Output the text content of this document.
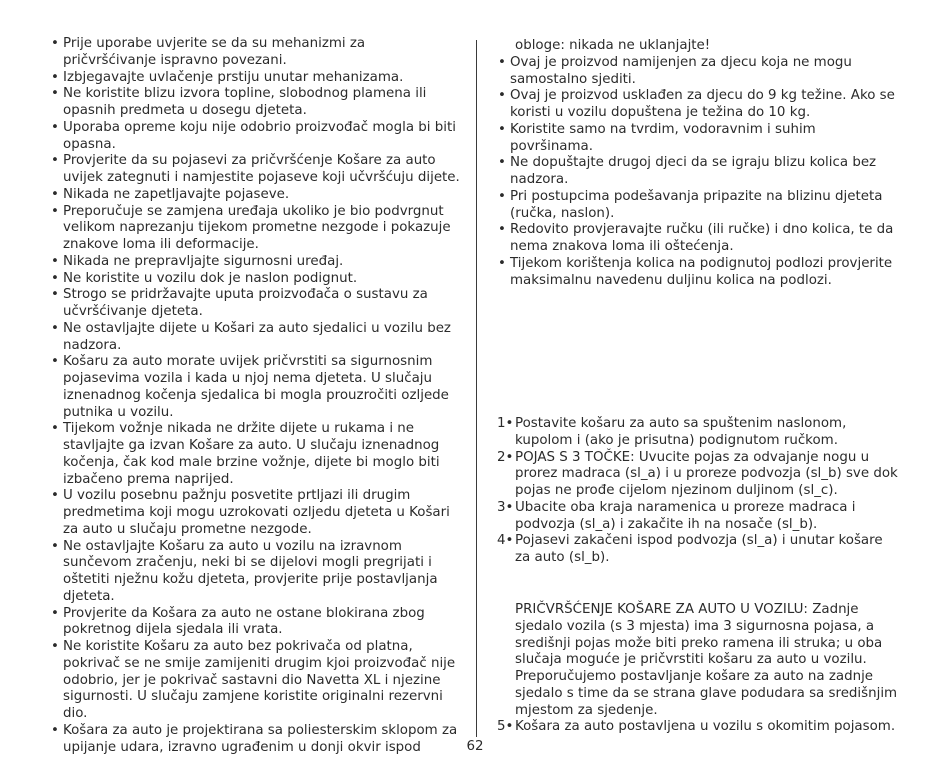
• Prije uporabe uvjerite se da su mehanizmi za pričvršćivanje ispravno povezani.
• Izbjegavajte uvlačenje prstiju unutar mehanizama.
• Ne koristite blizu izvora topline, slobodnog plamena ili opasnih predmeta u dosegu djeteta.
• Uporaba opreme koju nije odobrio proizvođač mogla bi biti opasna.
• Provjerite da su pojasevi za pričvršćenje Košare za auto uvijek zategnuti i namjestite pojaseve koji učvršćuju dijete.
• Nikada ne zapetljavajte pojaseve.
• Preporučuje se zamjena uređaja ukoliko je bio podvrgnut velikom naprezanju tijekom prometne nezgode i pokazuje znakove loma ili deformacije.
• Nikada ne prepravljajte sigurnosni uređaj.
• Ne koristite u vozilu dok je naslon podignut.
• Strogo se pridržavajte uputa proizvođača o sustavu za učvršćivanje djeteta.
• Ne ostavljajte dijete u Košari za auto sjedalici u vozilu bez nadzora.
• Košaru za auto morate uvijek pričvrstiti sa sigurnosnim pojasevima vozila i kada u njoj nema djeteta. U slučaju iznenadnog kočenja sjedalica bi mogla prouzročiti ozljede putnika u vozilu.
• Tijekom vožnje nikada ne držite dijete u rukama i ne stavljajte ga izvan Košare za auto. U slučaju iznenadnog kočenja, čak kod male brzine vožnje, dijete bi moglo biti izbačeno prema naprijed.
• U vozilu posebnu pažnju posvetite prtljazi ili drugim predmetima koji mogu uzrokovati ozljedu djeteta u Košari za auto u slučaju prometne nezgode.
• Ne ostavljajte Košaru za auto u vozilu na izravnom sunčevom zračenju, neki bi se dijelovi mogli pregrijati i oštetiti nježnu kožu djeteta, provjerite prije postavljanja djeteta.
• Provjerite da Košara za auto ne ostane blokirana zbog pokretnog dijela sjedala ili vrata.
• Ne koristite Košaru za auto bez pokrivača od platna, pokrivač se ne smije zamijeniti drugim kjoi proizvođač nije odobrio, jer je pokrivač sastavni dio Navetta XL i njezine sigurnosti. U slučaju zamjene koristite originalni rezervni dio.
• Košara za auto je projektirana sa poliesterskim sklopom za upijanje udara, izravno ugrađenim u donji okvir ispod

obloge: nikada ne uklanjajte!

• Ovaj je proizvod namijenjen za djecu koja ne mogu samostalno sjediti.
• Ovaj je proizvod usklađen za djecu do 9 kg težine. Ako se koristi u vozilu dopuštena je težina do 10 kg.
• Koristite samo na tvrdim, vodoravnim i suhim površinama.
• Ne dopuštajte drugoj djeci da se igraju blizu kolica bez nadzora.
• Pri postupcima podešavanja pripazite na blizinu djeteta (ručka, naslon).
• Redovito provjeravajte ručku (ili ručke) i dno kolica, te da nema znakova loma ili oštećenja.
• Tijekom korištenja kolica na podignutoj podlozi provjerite maksimalnu navedenu duljinu kolica na podlozi.
1• Postavite košaru za auto sa spuštenim naslonom, kupolom i (ako je prisutna) podignutom ručkom.
2• POJAS S 3 TOČKE: Uvucite pojas za odvajanje nogu u prorez madraca (sl_a) i u proreze podvozja (sl_b) sve dok pojas ne prođe cijelom njezinom duljinom (sl_c).
3• Ubacite oba kraja naramenica u proreze madraca i podvozja (sl_a) i zakačite ih na nosače (sl_b).
4• Pojasevi zakačeni ispod podvozja (sl_a) i unutar košare za auto (sl_b).

PRIČVRŠĆENJE KOŠARE ZA AUTO U VOZILU: Zadnje sjedalo vozila (s 3 mjesta) ima 3 sigurnosna pojasa, a središnji pojas može biti preko ramena ili struka; u oba slučaja moguće je pričvrstiti košaru za auto u vozilu.

Preporučujemo postavljanje košare za auto na zadnje sjedalo s time da se strana glave podudara sa središnjim mjestom za sjedenje.

5• Košara za auto postavljena u vozilu s okomitim pojasom.
62
